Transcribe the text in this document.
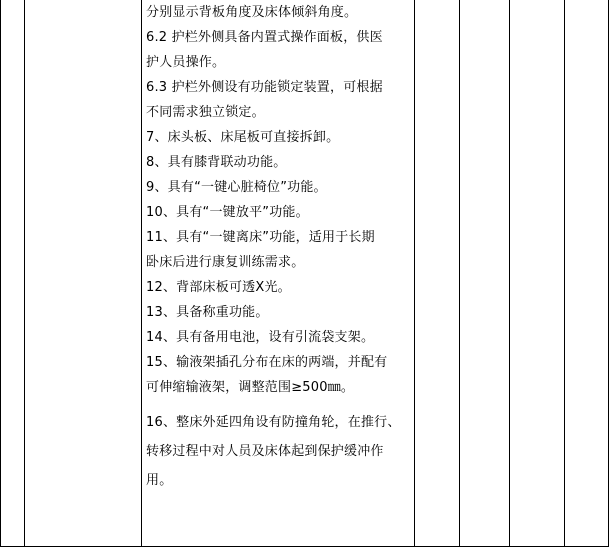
分别显示背板角度及床体倾斜角度。
6.2 护栏外侧具备内置式操作面板，供医
护人员操作。
6.3 护栏外侧设有功能锁定装置，可根据
不同需求独立锁定。
7、床头板、床尾板可直接拆卸。
8、具有膝背联动功能。
9、具有“一键心脏椅位”功能。
10、具有“一键放平”功能。
11、具有“一键离床”功能，适用于长期
卧床后进行康复训练需求。
12、背部床板可透X光。
13、具备称重功能。
14、具有备用电池，设有引流袋支架。
15、输液架插孔分布在床的两端，并配有
可伸缩输液架，调整范围≥500㎜。
16、整床外延四角设有防撞角轮，在推行、
转移过程中对人员及床体起到保护缓冲作
用。
